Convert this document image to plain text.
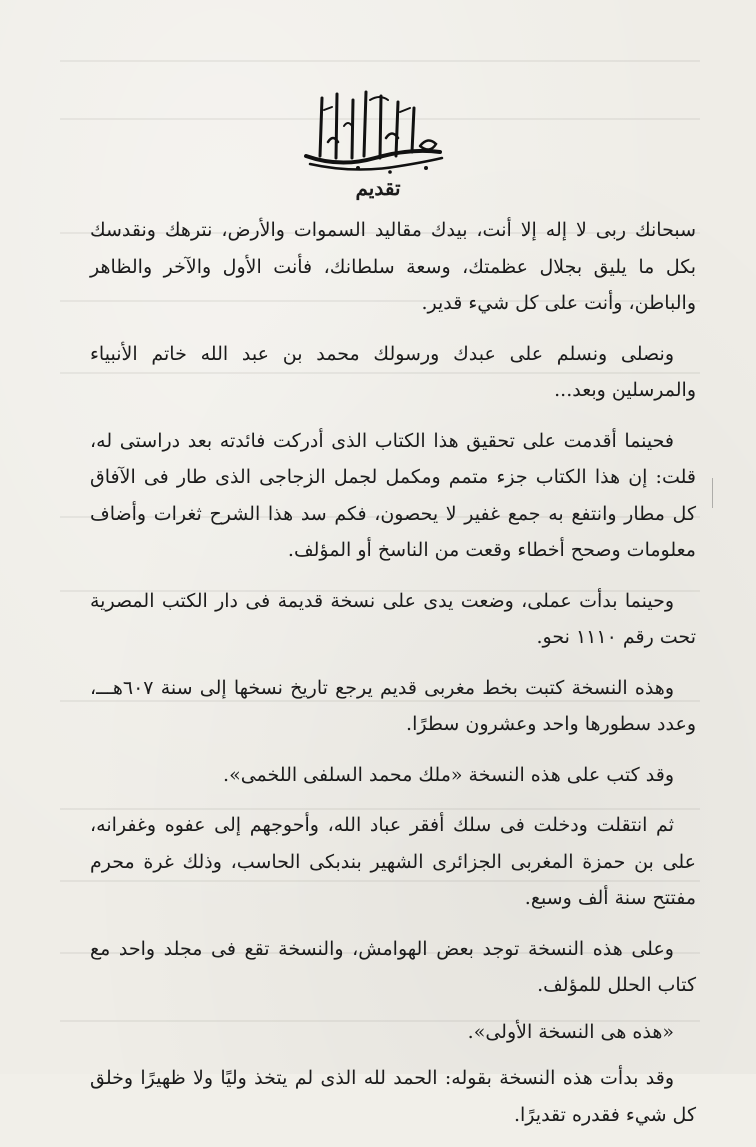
تقديم

سبحانك ربى لا إله إلا أنت، بيدك مقاليد السموات والأرض، نترهك ونقدسك بكل ما يليق بجلال عظمتك، وسعة سلطانك، فأنت الأول والآخر والظاهر والباطن، وأنت على كل شيء قدير.

ونصلى ونسلم على عبدك ورسولك محمد بن عبد الله خاتم الأنبياء والمرسلين وبعد...

فحينما أقدمت على تحقيق هذا الكتاب الذى أدركت فائدته بعد دراستى له، قلت: إن هذا الكتاب جزء متمم ومكمل لجمل الزجاجى الذى طار فى الآفاق كل مطار وانتفع به جمع غفير لا يحصون، فكم سد هذا الشرح ثغرات وأضاف معلومات وصحح أخطاء وقعت من الناسخ أو المؤلف.

وحينما بدأت عملى، وضعت يدى على نسخة قديمة فى دار الكتب المصرية تحت رقم ١١١٠ نحو.

وهذه النسخة كتبت بخط مغربى قديم يرجع تاريخ نسخها إلى سنة ٦٠٧هـــ، وعدد سطورها واحد وعشرون سطرًا.

وقد كتب على هذه النسخة «ملك محمد السلفى اللخمى».

ثم انتقلت ودخلت فى سلك أفقر عباد الله، وأحوجهم إلى عفوه وغفرانه، على بن حمزة المغربى الجزائرى الشهير بندبكى الحاسب، وذلك غرة محرم مفتتح سنة ألف وسبع.

وعلى هذه النسخة توجد بعض الهوامش، والنسخة تقع فى مجلد واحد مع كتاب الحلل للمؤلف.

«هذه هى النسخة الأولى».

وقد بدأت هذه النسخة بقوله: الحمد لله الذى لم يتخذ وليًا ولا ظهيرًا وخلق كل شيء فقدره تقديرًا.
